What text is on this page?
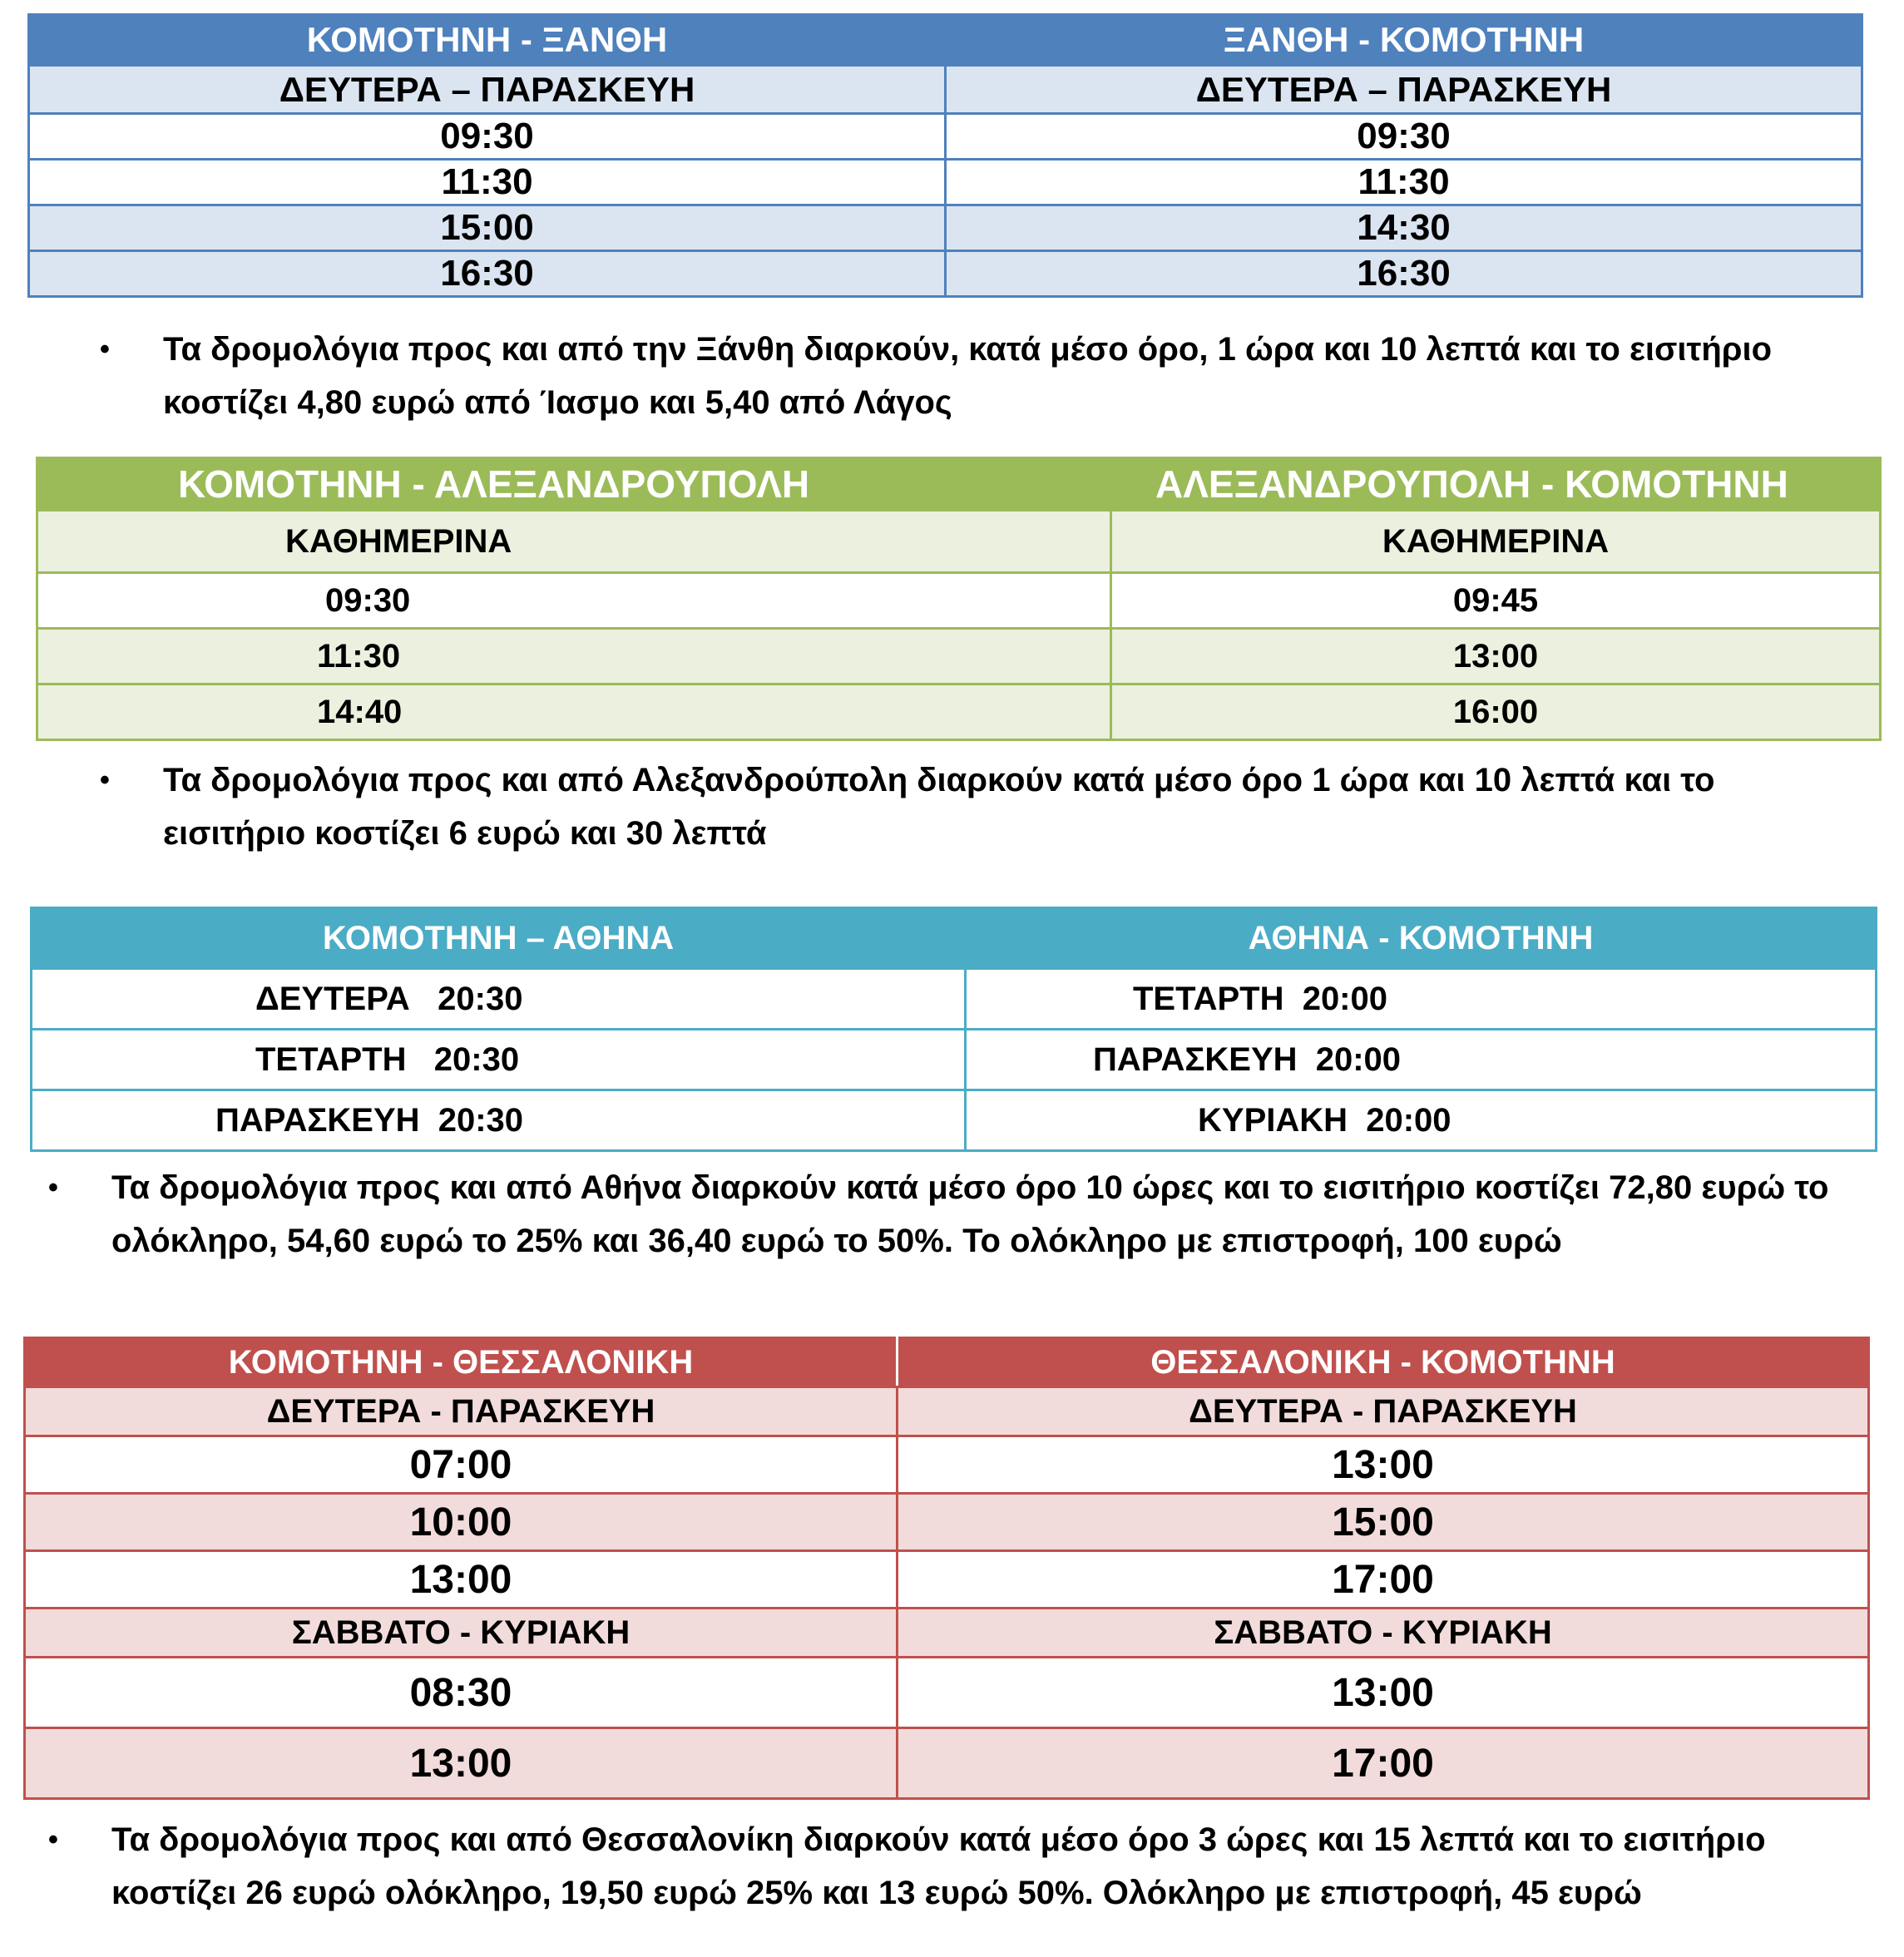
ΚΟΜΟΤΗΝΗ - ΞΑΝΘΗ	ΞΑΝΘΗ - ΚΟΜΟΤΗΝΗ
ΔΕΥΤΕΡΑ – ΠΑΡΑΣΚΕΥΗ	ΔΕΥΤΕΡΑ – ΠΑΡΑΣΚΕΥΗ
09:30	09:30
11:30	11:30
15:00	14:30
16:30	16:30
• Τα δρομολόγια προς και από την Ξάνθη διαρκούν, κατά μέσο όρο, 1 ώρα και 10 λεπτά και το εισιτήριο κοστίζει 4,80 ευρώ από Ίασμο και 5,40 από Λάγος
ΚΟΜΟΤΗΝΗ - ΑΛΕΞΑΝΔΡΟΥΠΟΛΗ	ΑΛΕΞΑΝΔΡΟΥΠΟΛΗ - ΚΟΜΟΤΗΝΗ
ΚΑΘΗΜΕΡΙΝΑ	ΚΑΘΗΜΕΡΙΝΑ
09:30	09:45
11:30	13:00
14:40	16:00
• Τα δρομολόγια προς και από Αλεξανδρούπολη διαρκούν κατά μέσο όρο 1 ώρα και 10 λεπτά και το εισιτήριο κοστίζει 6 ευρώ και 30 λεπτά
ΚΟΜΟΤΗΝΗ – ΑΘΗΝΑ	ΑΘΗΝΑ - ΚΟΜΟΤΗΝΗ
ΔΕΥΤΕΡΑ   20:30	ΤΕΤΑΡΤΗ  20:00
ΤΕΤΑΡΤΗ   20:30	ΠΑΡΑΣΚΕΥΗ  20:00
ΠΑΡΑΣΚΕΥΗ  20:30	ΚΥΡΙΑΚΗ  20:00
• Τα δρομολόγια προς και από Αθήνα διαρκούν κατά μέσο όρο 10 ώρες και το εισιτήριο κοστίζει 72,80 ευρώ το ολόκληρο, 54,60 ευρώ το 25% και 36,40 ευρώ το 50%. Το ολόκληρο με επιστροφή, 100 ευρώ
ΚΟΜΟΤΗΝΗ - ΘΕΣΣΑΛΟΝΙΚΗ	ΘΕΣΣΑΛΟΝΙΚΗ - ΚΟΜΟΤΗΝΗ
ΔΕΥΤΕΡΑ - ΠΑΡΑΣΚΕΥΗ	ΔΕΥΤΕΡΑ - ΠΑΡΑΣΚΕΥΗ
07:00	13:00
10:00	15:00
13:00	17:00
ΣΑΒΒΑΤΟ - ΚΥΡΙΑΚΗ	ΣΑΒΒΑΤΟ - ΚΥΡΙΑΚΗ
08:30	13:00
13:00	17:00
• Τα δρομολόγια προς και από Θεσσαλονίκη διαρκούν κατά μέσο όρο 3 ώρες και 15 λεπτά και το εισιτήριο κοστίζει 26 ευρώ ολόκληρο, 19,50 ευρώ 25% και 13 ευρώ 50%. Ολόκληρο με επιστροφή, 45 ευρώ
